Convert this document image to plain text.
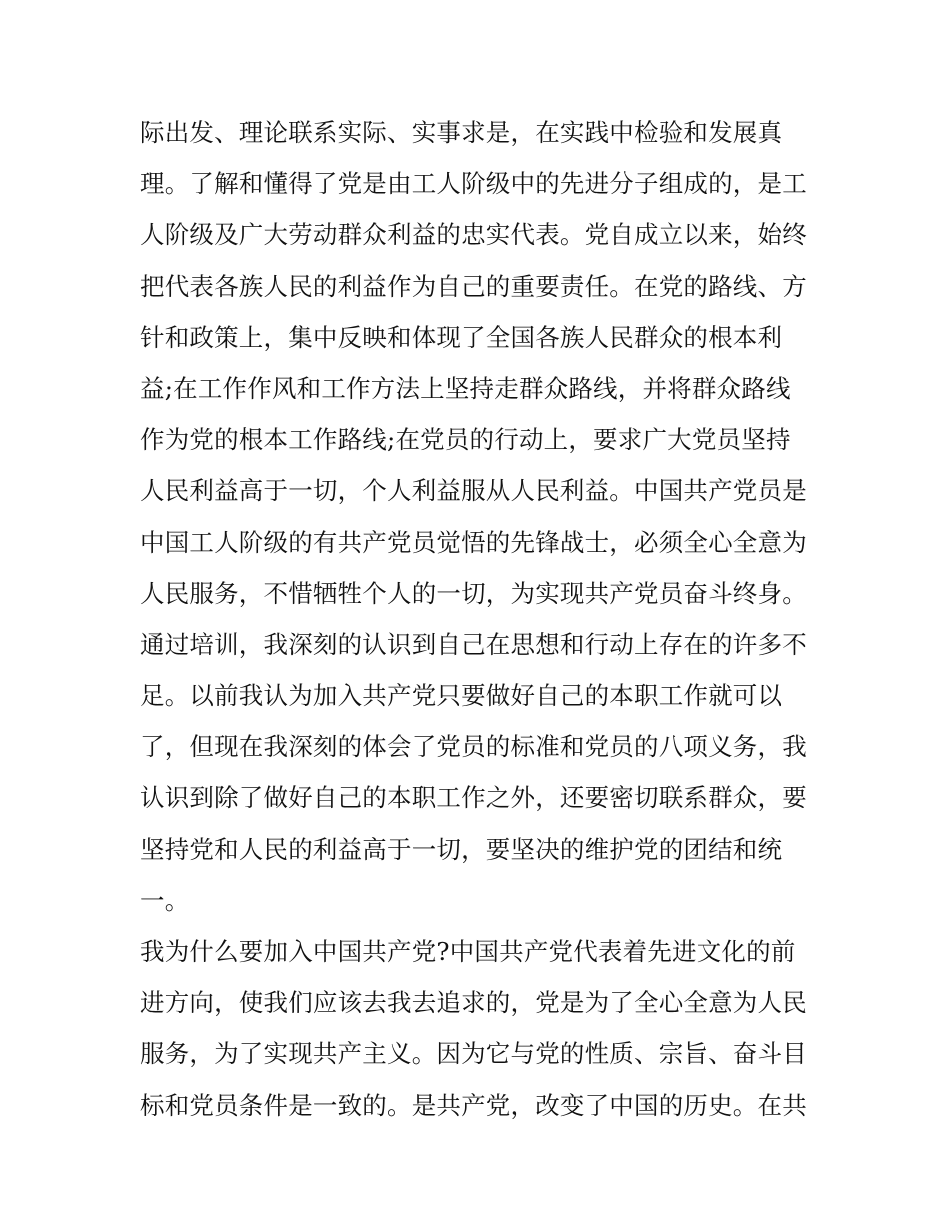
际出发、理论联系实际、实事求是，在实践中检验和发展真
理。了解和懂得了党是由工人阶级中的先进分子组成的，是工
人阶级及广大劳动群众利益的忠实代表。党自成立以来，始终
把代表各族人民的利益作为自己的重要责任。在党的路线、方
针和政策上，集中反映和体现了全国各族人民群众的根本利
益;在工作作风和工作方法上坚持走群众路线，并将群众路线
作为党的根本工作路线;在党员的行动上，要求广大党员坚持
人民利益高于一切，个人利益服从人民利益。中国共产党员是
中国工人阶级的有共产党员觉悟的先锋战士，必须全心全意为
人民服务，不惜牺牲个人的一切，为实现共产党员奋斗终身。
通过培训，我深刻的认识到自己在思想和行动上存在的许多不
足。以前我认为加入共产党只要做好自己的本职工作就可以
了，但现在我深刻的体会了党员的标准和党员的八项义务，我
认识到除了做好自己的本职工作之外，还要密切联系群众，要
坚持党和人民的利益高于一切，要坚决的维护党的团结和统
一。
我为什么要加入中国共产党?中国共产党代表着先进文化的前
进方向，使我们应该去我去追求的，党是为了全心全意为人民
服务，为了实现共产主义。因为它与党的性质、宗旨、奋斗目
标和党员条件是一致的。是共产党，改变了中国的历史。在共
